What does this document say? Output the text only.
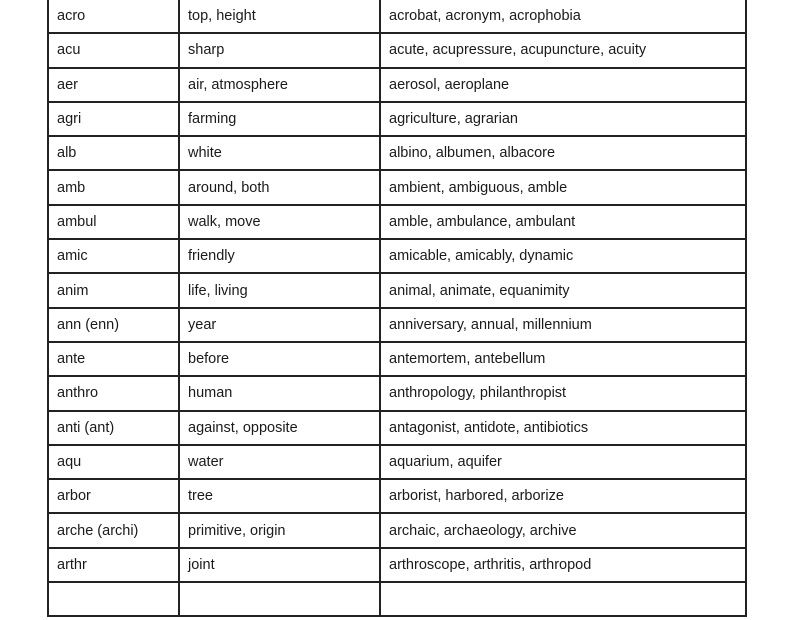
acro	top, height	acrobat, acronym, acrophobia
acu	sharp	acute, acupressure, acupuncture, acuity
aer	air, atmosphere	aerosol, aeroplane
agri	farming	agriculture, agrarian
alb	white	albino, albumen, albacore
amb	around, both	ambient, ambiguous, amble
ambul	walk, move	amble, ambulance, ambulant
amic	friendly	amicable, amicably, dynamic
anim	life, living	animal, animate, equanimity
ann (enn)	year	anniversary, annual, millennium
ante	before	antemortem, antebellum
anthro	human	anthropology, philanthropist
anti (ant)	against, opposite	antagonist, antidote, antibiotics
aqu	water	aquarium, aquifer
arbor	tree	arborist, harbored, arborize
arche (archi)	primitive, origin	archaic, archaeology, archive
arthr	joint	arthroscope, arthritis, arthropod
